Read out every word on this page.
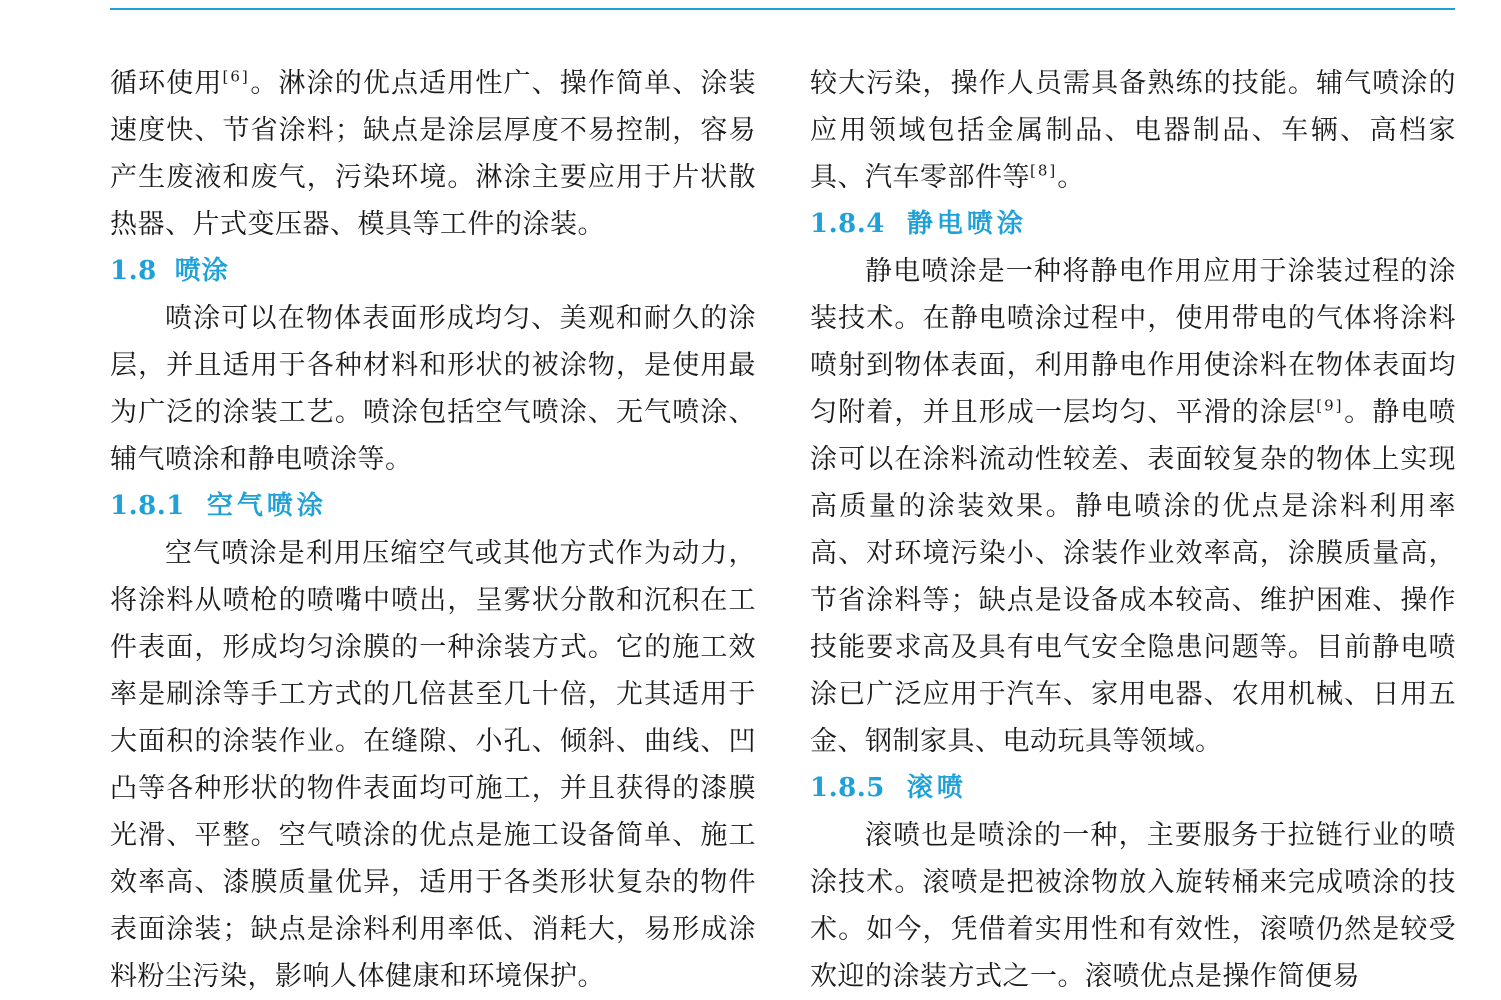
循环使用[6]。淋涂的优点适用性广、操作简单、涂装速度快、节省涂料；缺点是涂层厚度不易控制，容易产生废液和废气，污染环境。淋涂主要应用于片状散热器、片式变压器、模具等工件的涂装。

1.8 喷涂

喷涂可以在物体表面形成均匀、美观和耐久的涂层，并且适用于各种材料和形状的被涂物，是使用最为广泛的涂装工艺。喷涂包括空气喷涂、无气喷涂、辅气喷涂和静电喷涂等。

1.8.1 空气喷涂

空气喷涂是利用压缩空气或其他方式作为动力，将涂料从喷枪的喷嘴中喷出，呈雾状分散和沉积在工件表面，形成均匀涂膜的一种涂装方式。它的施工效率是刷涂等手工方式的几倍甚至几十倍，尤其适用于大面积的涂装作业。在缝隙、小孔、倾斜、曲线、凹凸等各种形状的物件表面均可施工，并且获得的漆膜光滑、平整。空气喷涂的优点是施工设备简单、施工效率高、漆膜质量优异，适用于各类形状复杂的物件表面涂装；缺点是涂料利用率低、消耗大，易形成涂料粉尘污染，影响人体健康和环境保护。

较大污染，操作人员需具备熟练的技能。辅气喷涂的应用领域包括金属制品、电器制品、车辆、高档家具、汽车零部件等[8]。

1.8.4 静电喷涂

静电喷涂是一种将静电作用应用于涂装过程的涂装技术。在静电喷涂过程中，使用带电的气体将涂料喷射到物体表面，利用静电作用使涂料在物体表面均匀附着，并且形成一层均匀、平滑的涂层[9]。静电喷涂可以在涂料流动性较差、表面较复杂的物体上实现高质量的涂装效果。静电喷涂的优点是涂料利用率高、对环境污染小、涂装作业效率高，涂膜质量高，节省涂料等；缺点是设备成本较高、维护困难、操作技能要求高及具有电气安全隐患问题等。目前静电喷涂已广泛应用于汽车、家用电器、农用机械、日用五金、钢制家具、电动玩具等领域。

1.8.5 滚喷

滚喷也是喷涂的一种，主要服务于拉链行业的喷涂技术。滚喷是把被涂物放入旋转桶来完成喷涂的技术。如今，凭借着实用性和有效性，滚喷仍然是较受欢迎的涂装方式之一。滚喷优点是操作简便易
